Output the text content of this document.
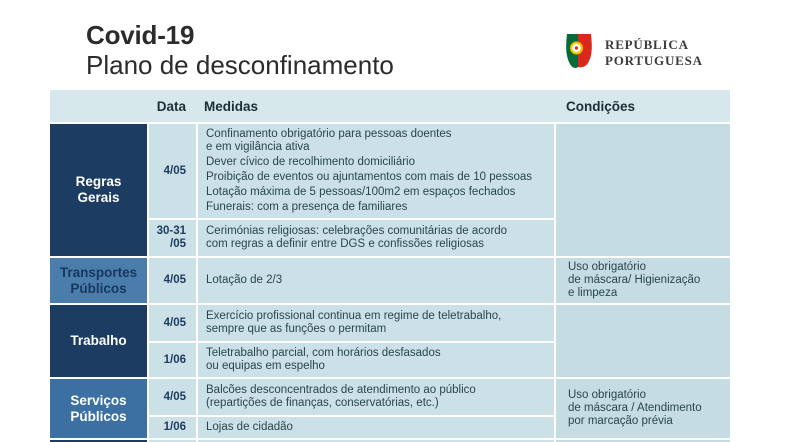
Covid-19
Plano de desconfinamento
REPÚBLICA
PORTUGUESA
Data	Medidas	Condições
Regras
Gerais
4/05
Confinamento obrigatório para pessoas doentes
e em vigilância ativa
Dever cívico de recolhimento domiciliário
Proibição de eventos ou ajuntamentos com mais de 10 pessoas
Lotação máxima de 5 pessoas/100m2 em espaços fechados
Funerais: com a presença de familiares
30-31
/05
Cerimónias religiosas: celebrações comunitárias de acordo
com regras a definir entre DGS e confissões religiosas
Transportes
Públicos
4/05 Lotação de 2/3
Uso obrigatório
de máscara/ Higienização
e limpeza
Trabalho
4/05
Exercício profissional continua em regime de teletrabalho,
sempre que as funções o permitam
1/06
Teletrabalho parcial, com horários desfasados
ou equipas em espelho
Serviços
Públicos
4/05
Balcões desconcentrados de atendimento ao público
(repartições de finanças, conservatórias, etc.)
1/06 Lojas de cidadão
Uso obrigatório
de máscara / Atendimento
por marcação prévia
